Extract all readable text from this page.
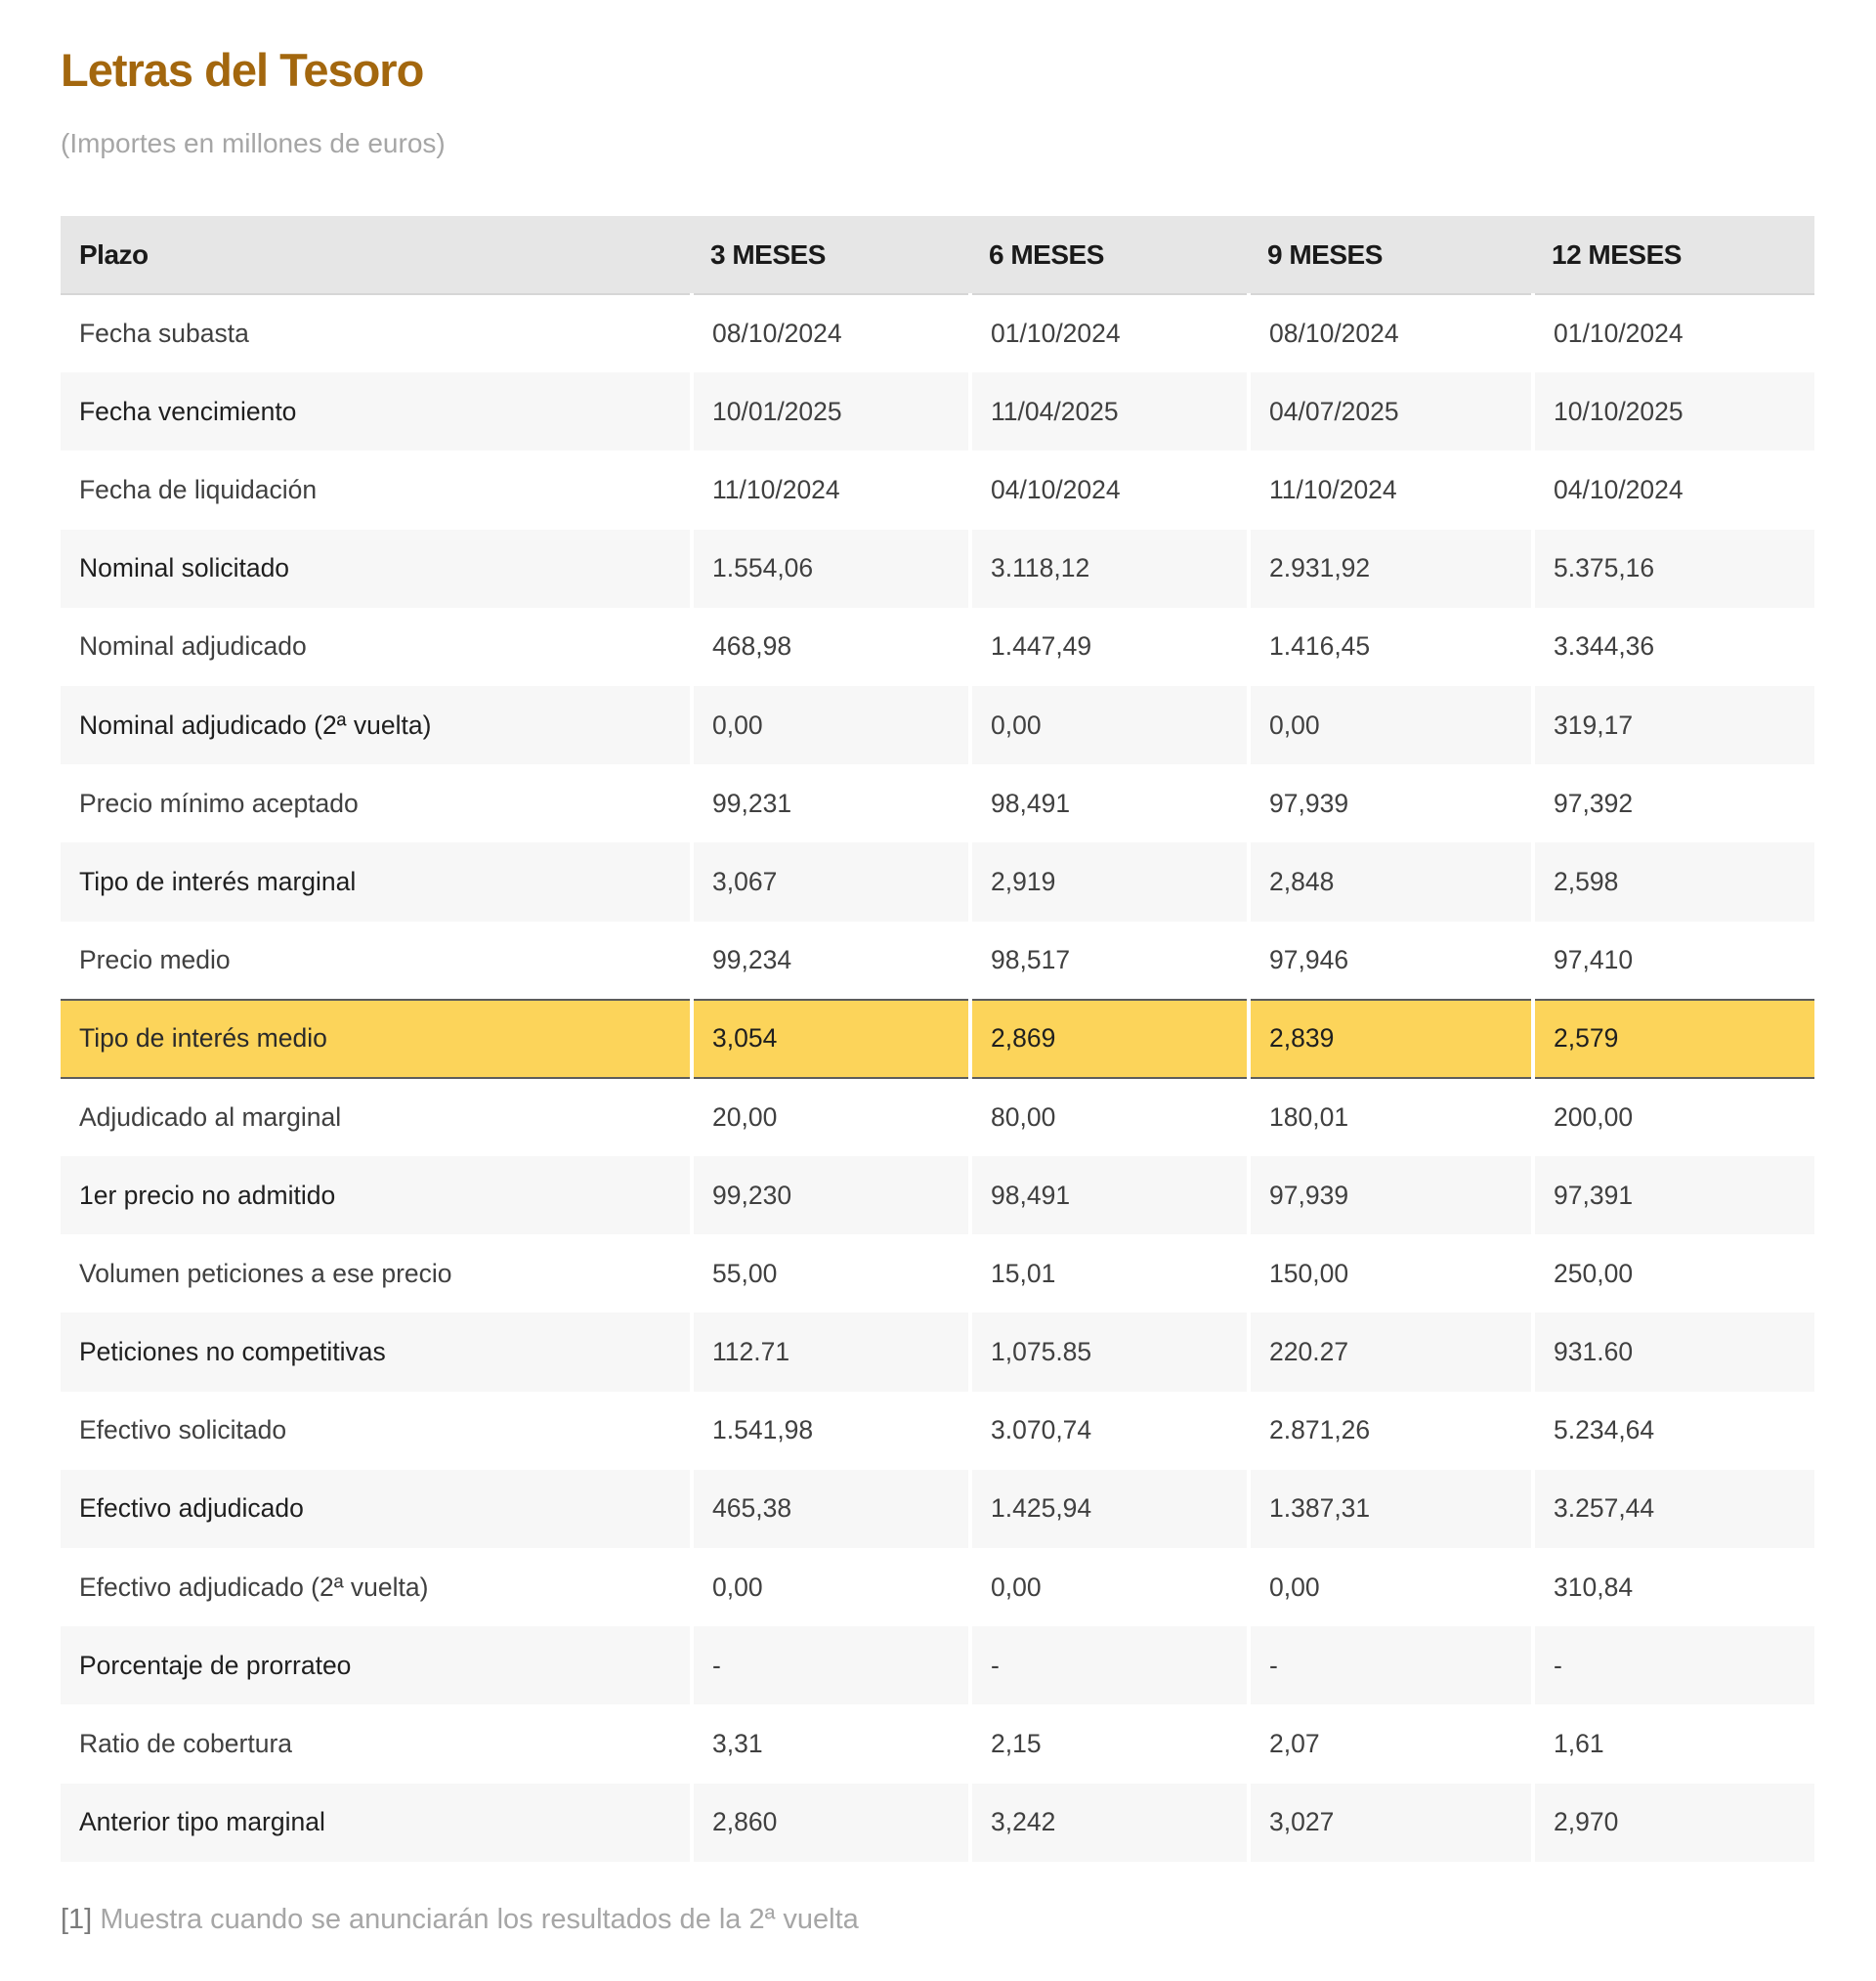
Letras del Tesoro

(Importes en millones de euros)

Plazo	3 MESES	6 MESES	9 MESES	12 MESES
Fecha subasta	08/10/2024	01/10/2024	08/10/2024	01/10/2024
Fecha vencimiento	10/01/2025	11/04/2025	04/07/2025	10/10/2025
Fecha de liquidación	11/10/2024	04/10/2024	11/10/2024	04/10/2024
Nominal solicitado	1.554,06	3.118,12	2.931,92	5.375,16
Nominal adjudicado	468,98	1.447,49	1.416,45	3.344,36
Nominal adjudicado (2ª vuelta)	0,00	0,00	0,00	319,17
Precio mínimo aceptado	99,231	98,491	97,939	97,392
Tipo de interés marginal	3,067	2,919	2,848	2,598
Precio medio	99,234	98,517	97,946	97,410
Tipo de interés medio	3,054	2,869	2,839	2,579
Adjudicado al marginal	20,00	80,00	180,01	200,00
1er precio no admitido	99,230	98,491	97,939	97,391
Volumen peticiones a ese precio	55,00	15,01	150,00	250,00
Peticiones no competitivas	112.71	1,075.85	220.27	931.60
Efectivo solicitado	1.541,98	3.070,74	2.871,26	5.234,64
Efectivo adjudicado	465,38	1.425,94	1.387,31	3.257,44
Efectivo adjudicado (2ª vuelta)	0,00	0,00	0,00	310,84
Porcentaje de prorrateo	-	-	-	-
Ratio de cobertura	3,31	2,15	2,07	1,61
Anterior tipo marginal	2,860	3,242	3,027	2,970

[1] Muestra cuando se anunciarán los resultados de la 2ª vuelta
